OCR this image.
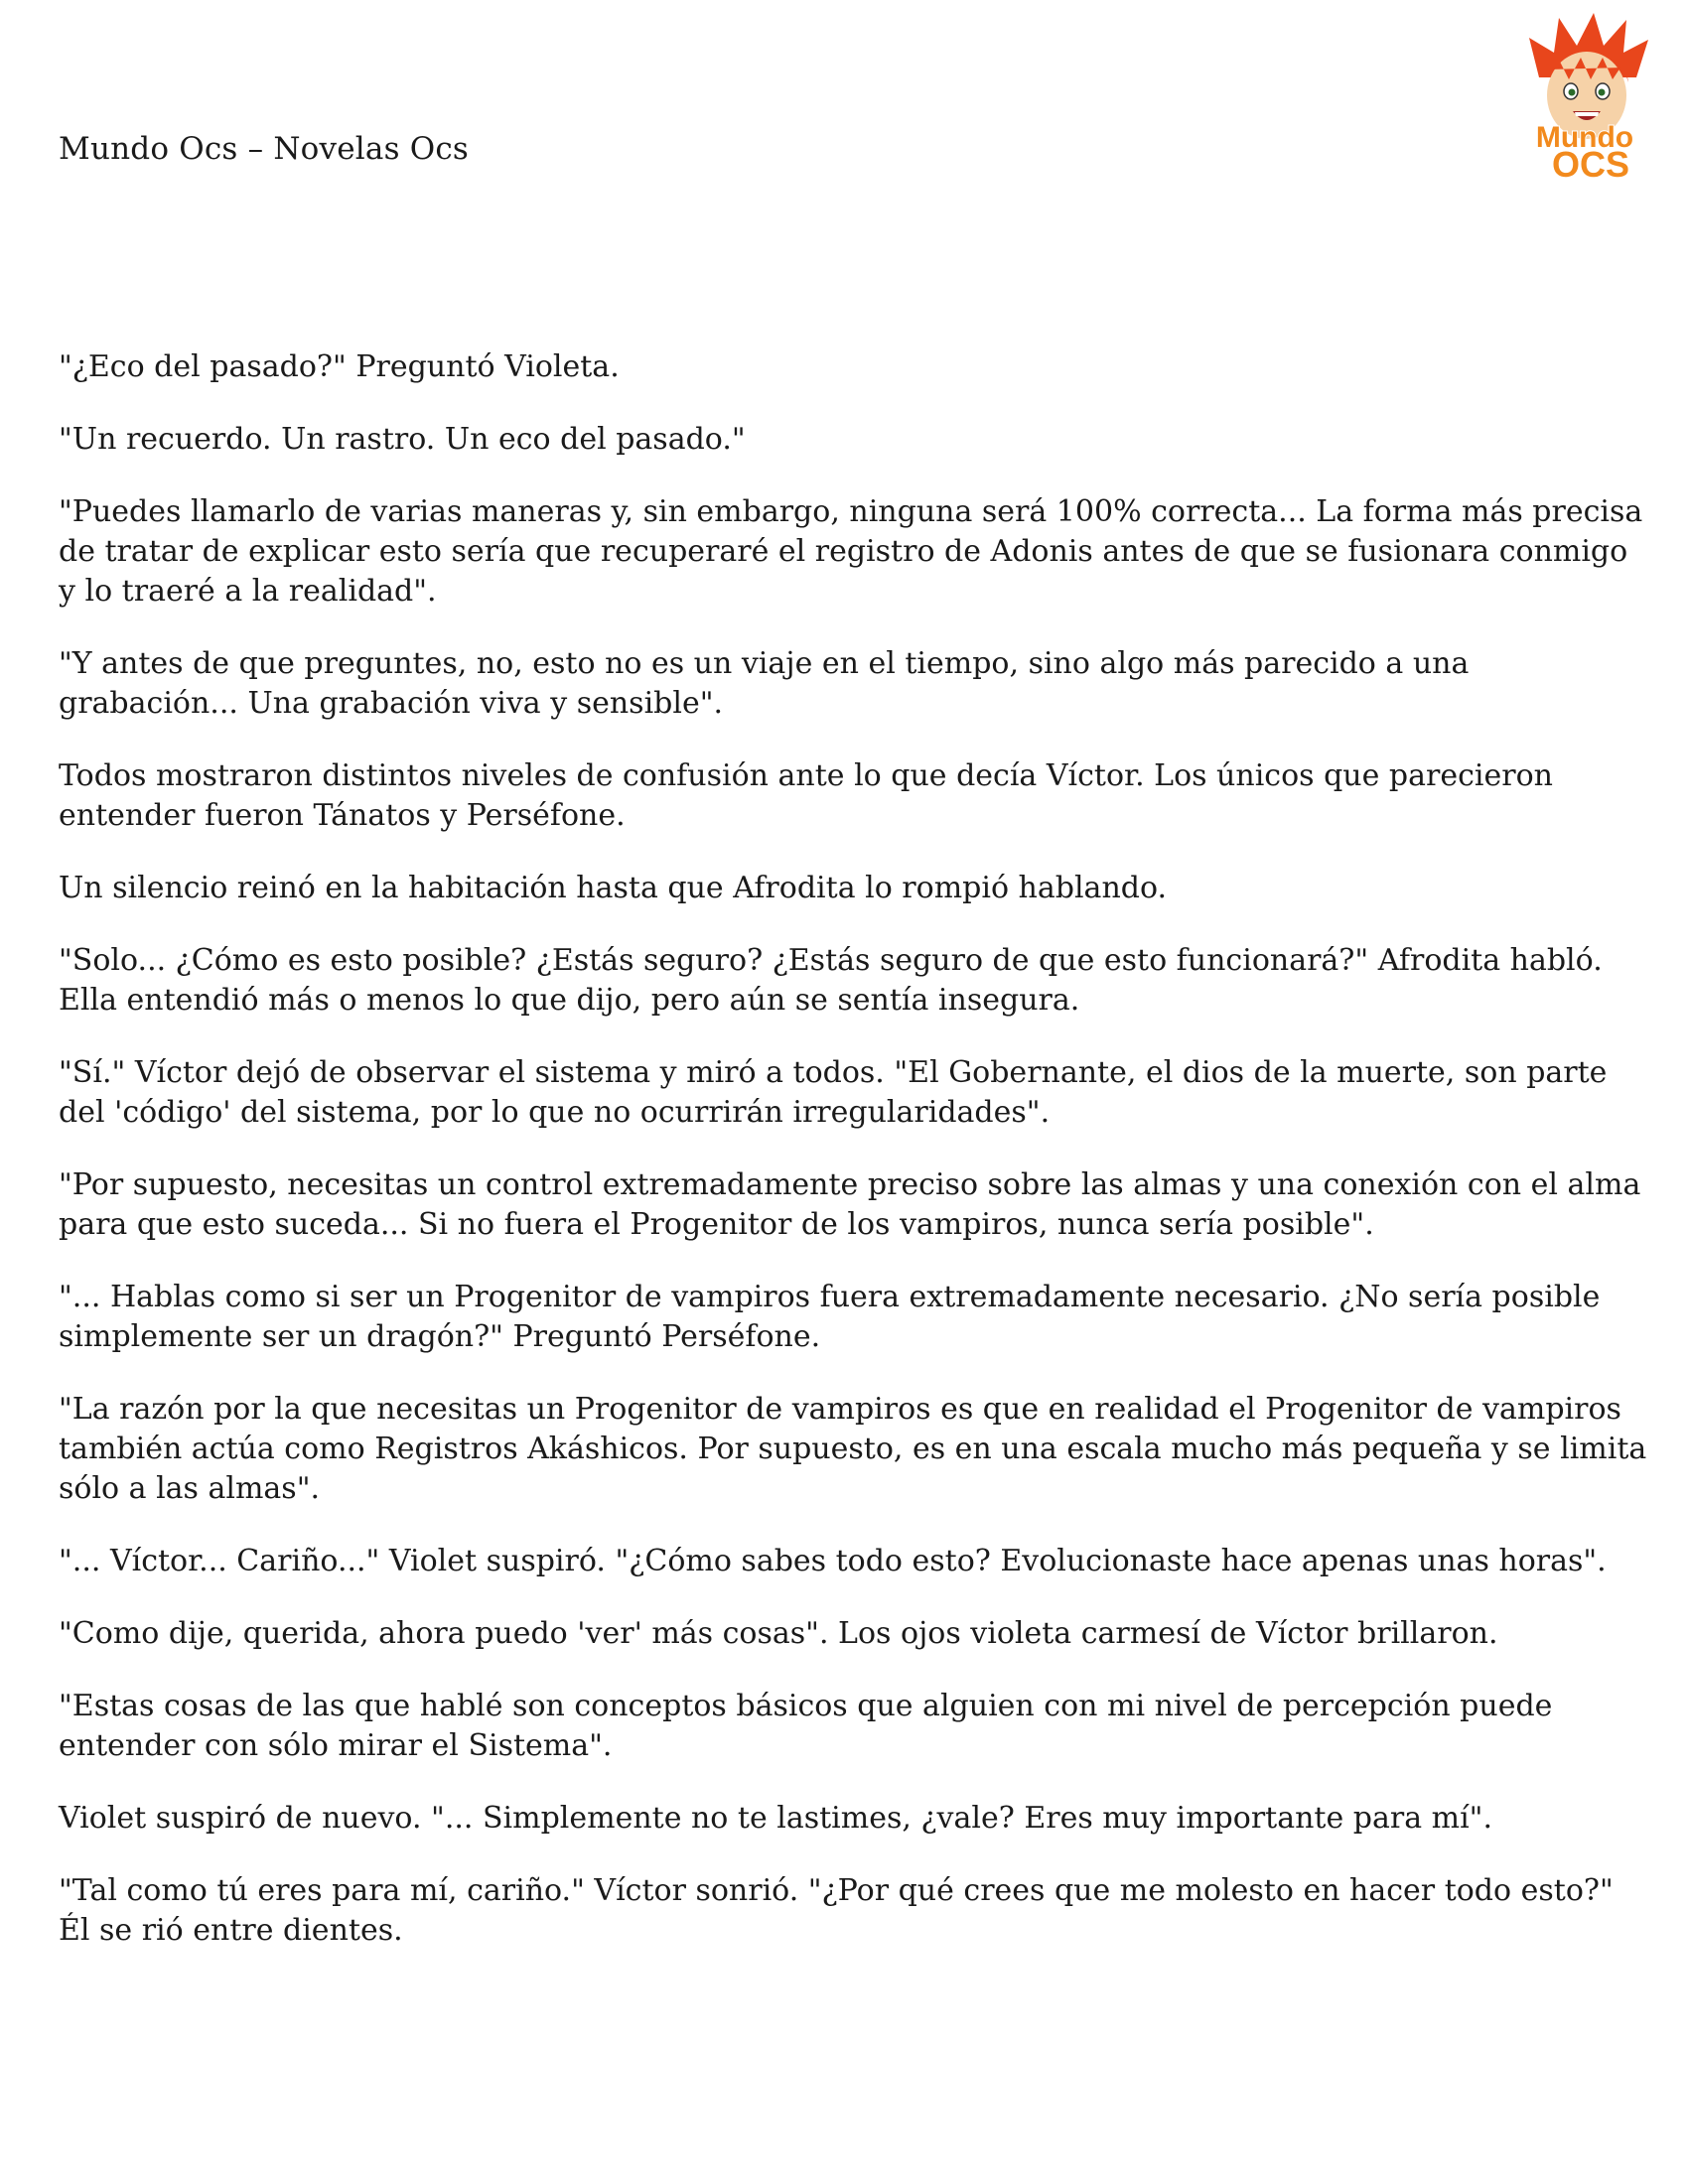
Mundo Ocs – Novelas Ocs	Mundo
OCS

"¿Eco del pasado?" Preguntó Violeta.

"Un recuerdo. Un rastro. Un eco del pasado."

"Puedes llamarlo de varias maneras y, sin embargo, ninguna será 100% correcta... La forma más precisa de tratar de explicar esto sería que recuperaré el registro de Adonis antes de que se fusionara conmigo y lo traeré a la realidad".

"Y antes de que preguntes, no, esto no es un viaje en el tiempo, sino algo más parecido a una grabación... Una grabación viva y sensible".

Todos mostraron distintos niveles de confusión ante lo que decía Víctor. Los únicos que parecieron entender fueron Tánatos y Perséfone.

Un silencio reinó en la habitación hasta que Afrodita lo rompió hablando.

"Solo... ¿Cómo es esto posible? ¿Estás seguro? ¿Estás seguro de que esto funcionará?" Afrodita habló. Ella entendió más o menos lo que dijo, pero aún se sentía insegura.

"Sí." Víctor dejó de observar el sistema y miró a todos. "El Gobernante, el dios de la muerte, son parte del 'código' del sistema, por lo que no ocurrirán irregularidades".

"Por supuesto, necesitas un control extremadamente preciso sobre las almas y una conexión con el alma para que esto suceda... Si no fuera el Progenitor de los vampiros, nunca sería posible".

"... Hablas como si ser un Progenitor de vampiros fuera extremadamente necesario. ¿No sería posible simplemente ser un dragón?" Preguntó Perséfone.

"La razón por la que necesitas un Progenitor de vampiros es que en realidad el Progenitor de vampiros también actúa como Registros Akáshicos. Por supuesto, es en una escala mucho más pequeña y se limita sólo a las almas".

"... Víctor... Cariño..." Violet suspiró. "¿Cómo sabes todo esto? Evolucionaste hace apenas unas horas".

"Como dije, querida, ahora puedo 'ver' más cosas". Los ojos violeta carmesí de Víctor brillaron.

"Estas cosas de las que hablé son conceptos básicos que alguien con mi nivel de percepción puede entender con sólo mirar el Sistema".

Violet suspiró de nuevo. "... Simplemente no te lastimes, ¿vale? Eres muy importante para mí".

"Tal como tú eres para mí, cariño." Víctor sonrió. "¿Por qué crees que me molesto en hacer todo esto?" Él se rió entre dientes.
